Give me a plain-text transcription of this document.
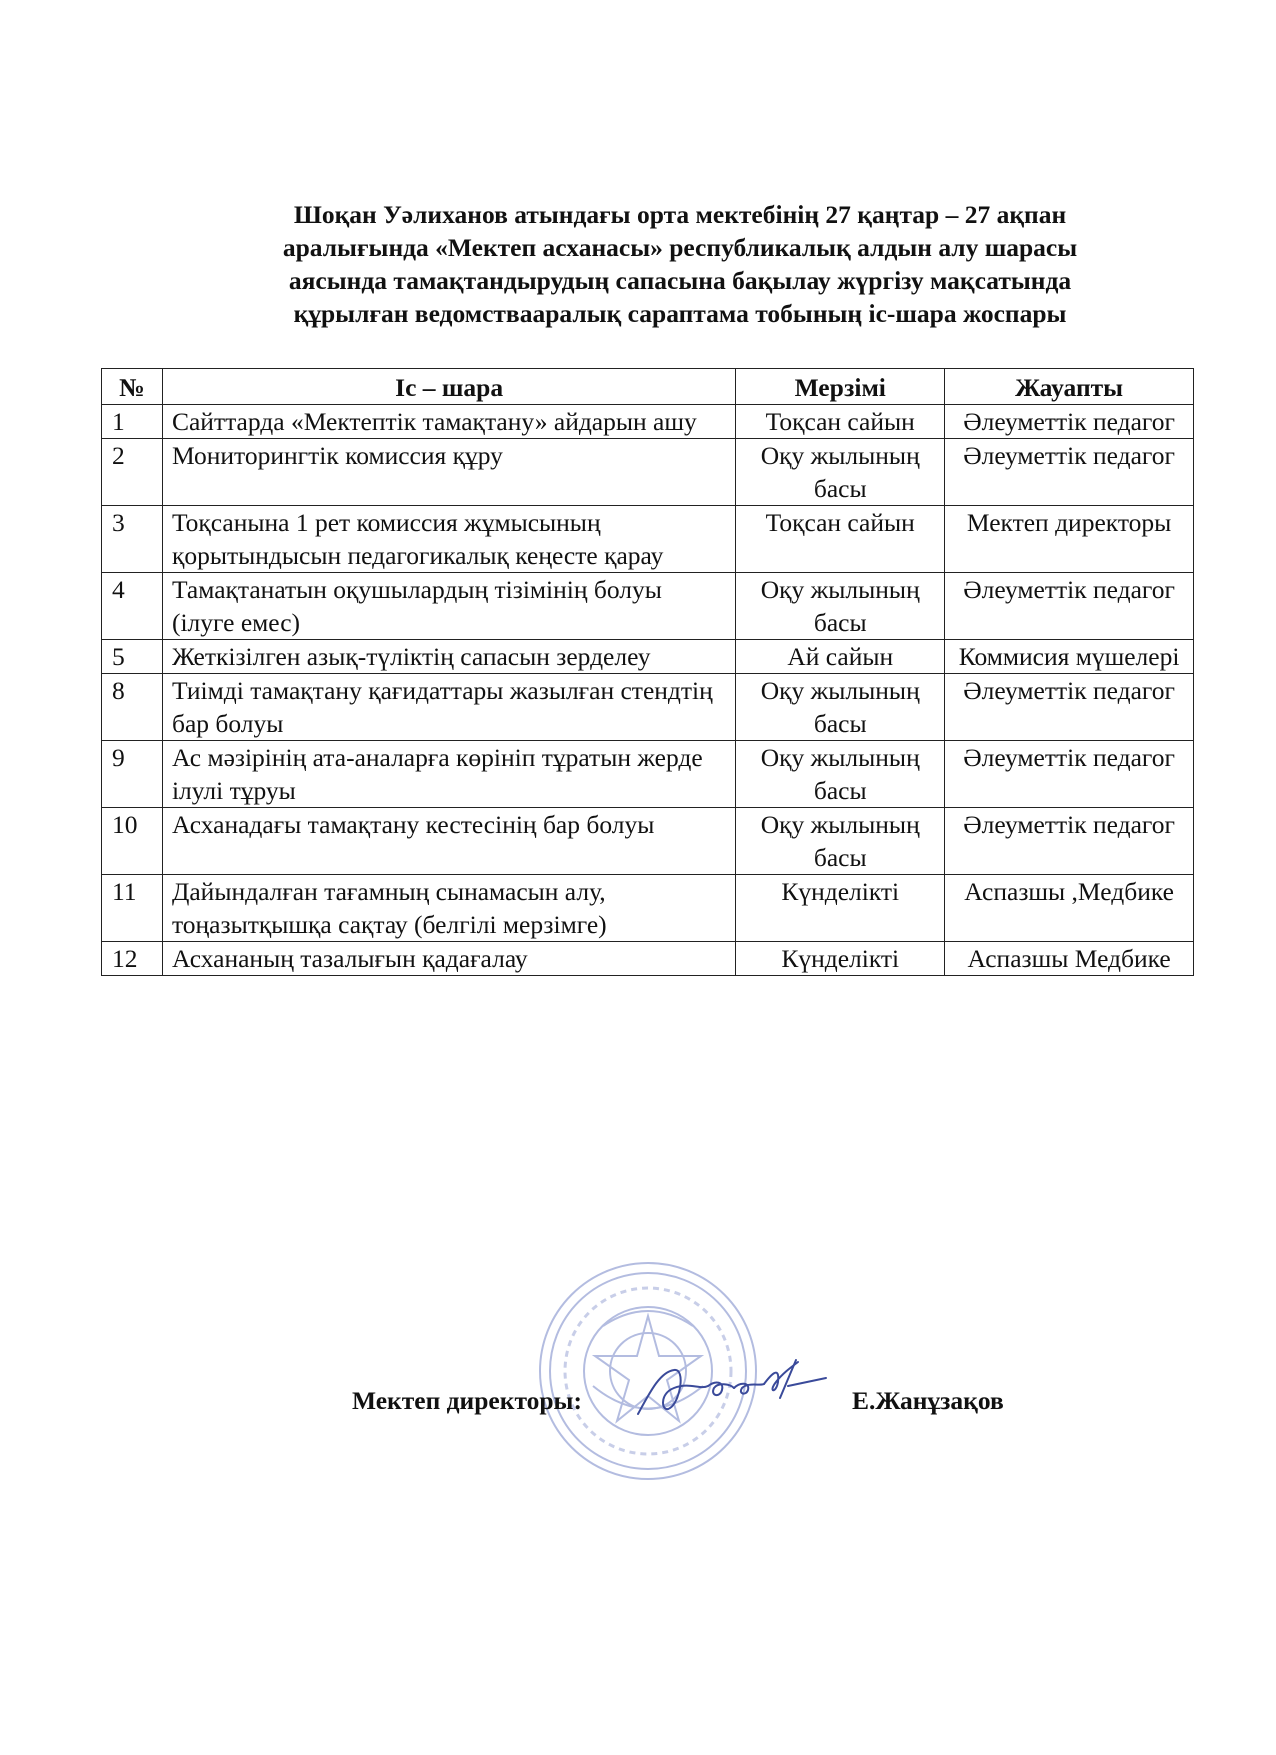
Шоқан Уәлиханов атындағы орта мектебінің 27 қаңтар – 27 ақпан
аралығында «Мектеп асханасы» республикалық алдын алу шарасы
аясында тамақтандырудың сапасына бақылау жүргізу мақсатында
құрылған ведомствааралық сараптама тобының іс-шара жоспары
№	Іс – шара	Мерзімі	Жауапты
1	Сайттарда «Мектептік тамақтану» айдарын ашу	Тоқсан сайын	Әлеуметтік педагог
2	Мониторингтік комиссия құру	Оқу жылының басы	Әлеуметтік педагог
3	Тоқсанына 1 рет комиссия жұмысының қорытындысын педагогикалық кеңесте қарау	Тоқсан сайын	Мектеп директоры
4	Тамақтанатын оқушылардың тізімінің болуы (ілуге емес)	Оқу жылының басы	Әлеуметтік педагог
5	Жеткізілген азық-түліктің сапасын зерделеу	Ай сайын	Коммисия мүшелері
8	Тиімді тамақтану қағидаттары жазылған стендтің бар болуы	Оқу жылының басы	Әлеуметтік педагог
9	Ас мәзірінің ата-аналарға көрініп тұратын жерде ілулі тұруы	Оқу жылының басы	Әлеуметтік педагог
10	Асханадағы тамақтану кестесінің бар болуы	Оқу жылының басы	Әлеуметтік педагог
11	Дайындалған тағамның сынамасын алу, тоңазытқышқа сақтау (белгілі мерзімге)	Күнделікті	Аспазшы ,Медбике
12	Асхананың тазалығын қадағалау	Күнделікті	Аспазшы Медбике
Мектеп директоры:	Е.Жанұзақов
